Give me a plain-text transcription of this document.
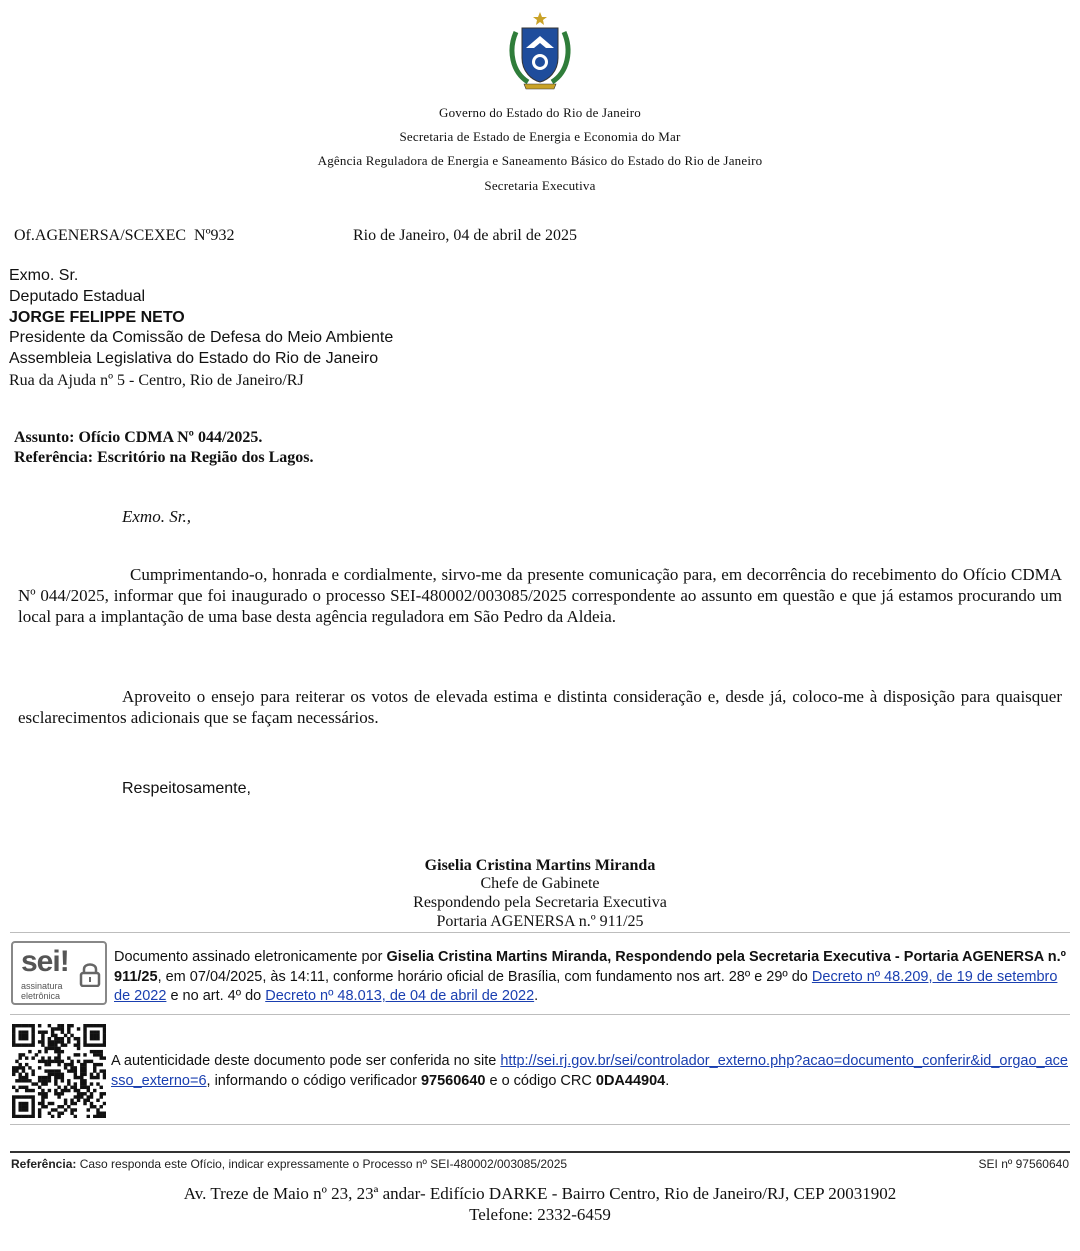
Governo do Estado do Rio de Janeiro
Secretaria de Estado de Energia e Economia do Mar
Agência Reguladora de Energia e Saneamento Básico do Estado do Rio de Janeiro
Secretaria Executiva
Of.AGENERSA/SCEXEC  Nº932	Rio de Janeiro, 04 de abril de 2025
Exmo. Sr.
Deputado Estadual
JORGE FELIPPE NETO
Presidente da Comissão de Defesa do Meio Ambiente
Assembleia Legislativa do Estado do Rio de Janeiro
Rua da Ajuda nº 5 - Centro, Rio de Janeiro/RJ
Assunto: Ofício CDMA Nº 044/2025.
Referência: Escritório na Região dos Lagos.
Exmo. Sr.,
Cumprimentando-o, honrada e cordialmente, sirvo-me da presente comunicação para, em decorrência do recebimento do Ofício CDMA Nº 044/2025, informar que foi inaugurado o processo SEI-480002/003085/2025 correspondente ao assunto em questão e que já estamos procurando um local para a implantação de uma base desta agência reguladora em São Pedro da Aldeia.
Aproveito o ensejo para reiterar os votos de elevada estima e distinta consideração e, desde já, coloco-me à disposição para quaisquer esclarecimentos adicionais que se façam necessários.
Respeitosamente,
Giselia Cristina Martins Miranda
Chefe de Gabinete
Respondendo pela Secretaria Executiva
Portaria AGENERSA n.º 911/25
sei!
assinatura
eletrônica
Documento assinado eletronicamente por Giselia Cristina Martins Miranda, Respondendo pela Secretaria Executiva - Portaria AGENERSA n.º 911/25, em 07/04/2025, às 14:11, conforme horário oficial de Brasília, com fundamento nos art. 28º e 29º do Decreto nº 48.209, de 19 de setembro de 2022 e no art. 4º do Decreto nº 48.013, de 04 de abril de 2022.
A autenticidade deste documento pode ser conferida no site http://sei.rj.gov.br/sei/controlador_externo.php?acao=documento_conferir&id_orgao_acesso_externo=6, informando o código verificador 97560640 e o código CRC 0DA44904.
Referência: Caso responda este Ofício, indicar expressamente o Processo nº SEI-480002/003085/2025	SEI nº 97560640
Av. Treze de Maio nº 23, 23ª andar- Edifício DARKE - Bairro Centro, Rio de Janeiro/RJ, CEP 20031902
Telefone: 2332-6459
